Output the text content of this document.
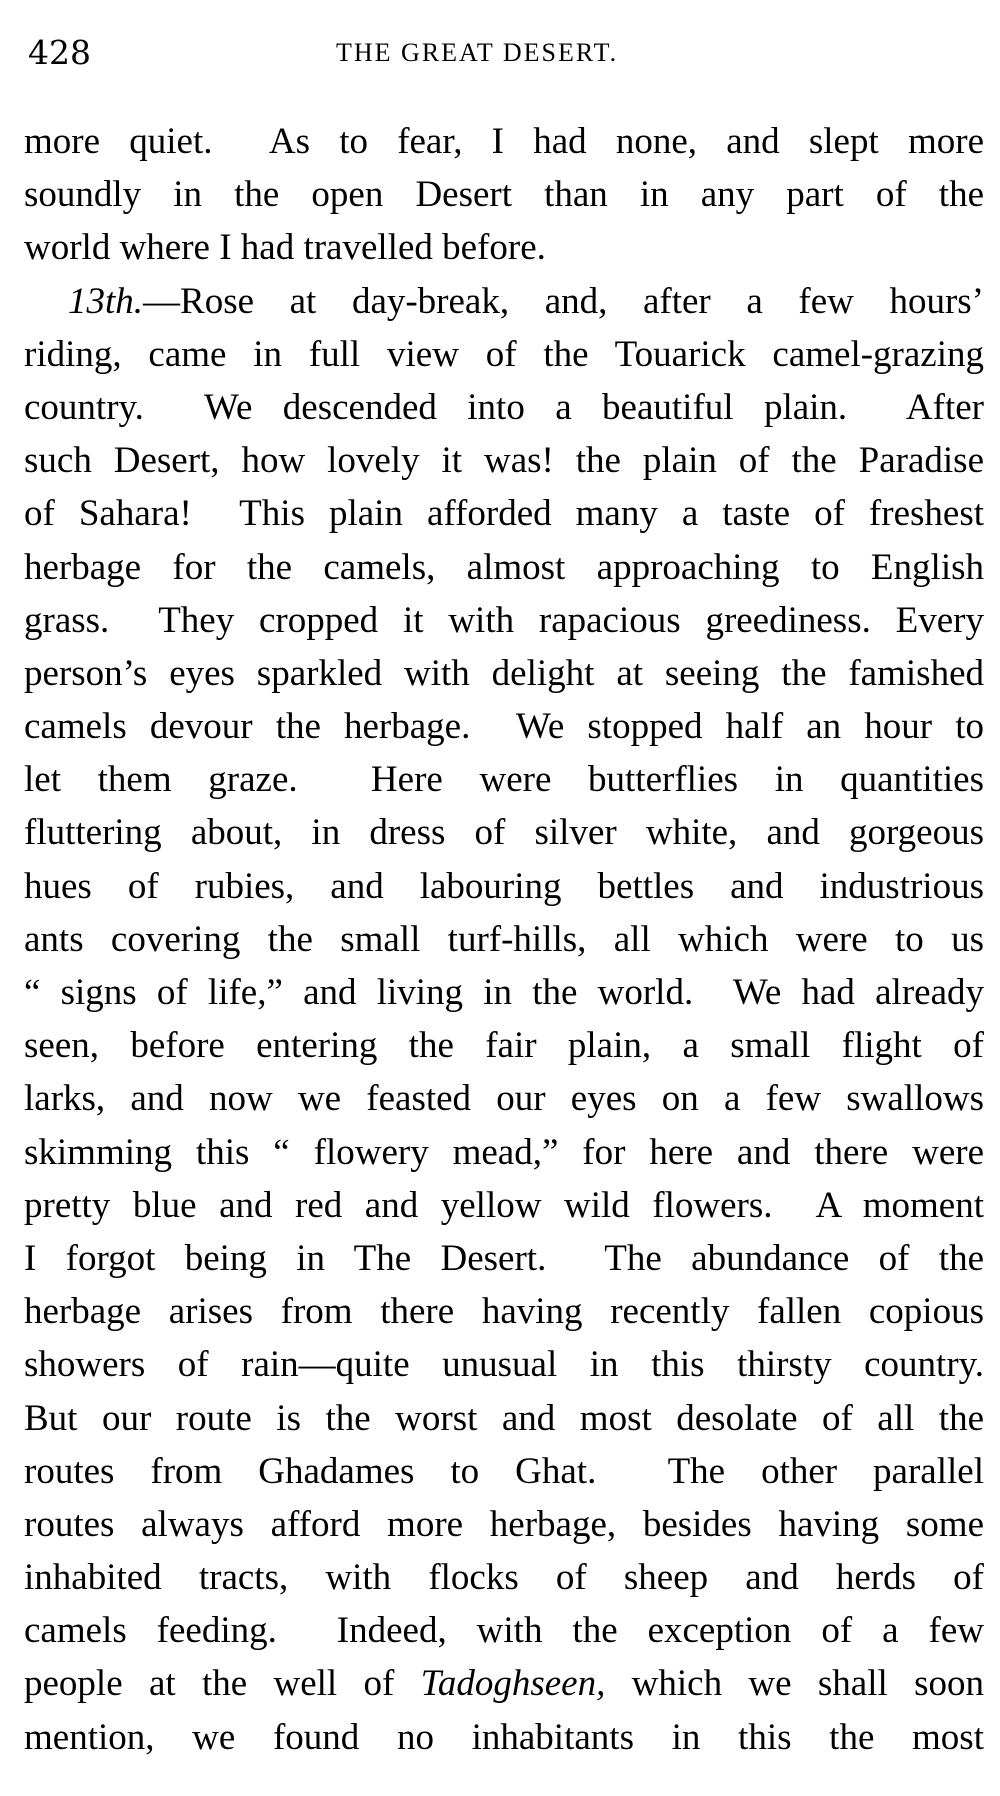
428	THE GREAT DESERT.
more quiet.  As to fear, I had none, and slept more
soundly in the open Desert than in any part of the
world where I had travelled before.
13th.—Rose at day-break, and, after a few hours’
riding, came in full view of the Touarick camel-grazing
country.  We descended into a beautiful plain.  After
such Desert, how lovely it was! the plain of the Paradise
of Sahara!  This plain afforded many a taste of freshest
herbage for the camels, almost approaching to English
grass.  They cropped it with rapacious greediness. Every
person’s eyes sparkled with delight at seeing the famished
camels devour the herbage.  We stopped half an hour to
let them graze.  Here were butterflies in quantities
fluttering about, in dress of silver white, and gorgeous
hues of rubies, and labouring bettles and industrious
ants covering the small turf-hills, all which were to us
“ signs of life,” and living in the world.  We had already
seen, before entering the fair plain, a small flight of
larks, and now we feasted our eyes on a few swallows
skimming this “ flowery mead,” for here and there were
pretty blue and red and yellow wild flowers.  A moment
I forgot being in The Desert.  The abundance of the
herbage arises from there having recently fallen copious
showers of rain—quite unusual in this thirsty country.
But our route is the worst and most desolate of all the
routes from Ghadames to Ghat.  The other parallel
routes always afford more herbage, besides having some
inhabited tracts, with flocks of sheep and herds of
camels feeding.  Indeed, with the exception of a few
people at the well of Tadoghseen, which we shall soon
mention, we found no inhabitants in this the most
